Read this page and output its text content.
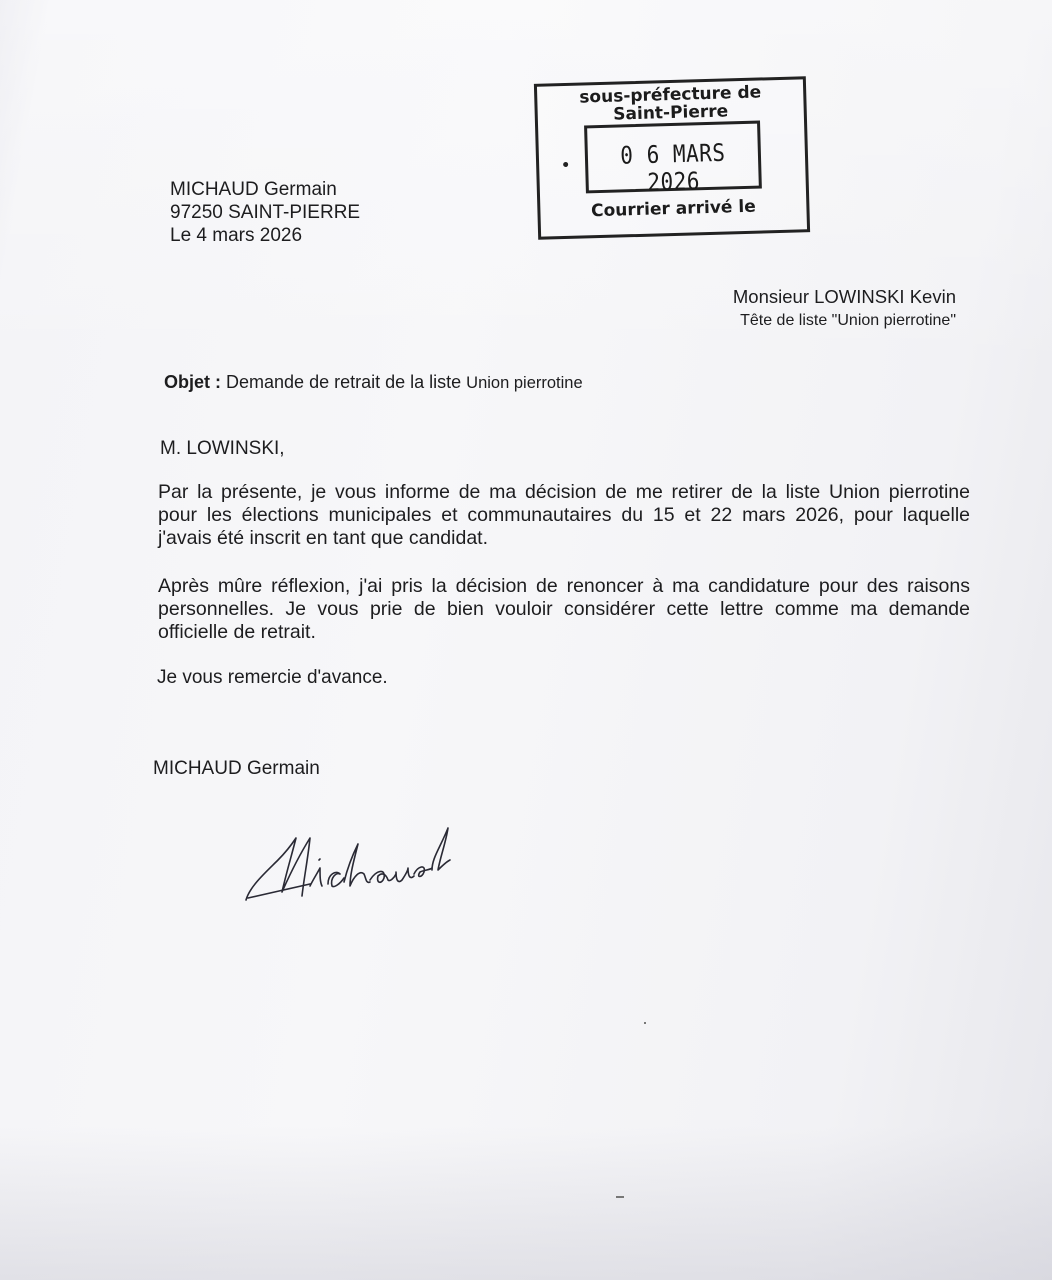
sous-préfecture de
Saint-Pierre
0 6 MARS 2026
Courrier arrivé le
MICHAUD Germain
97250 SAINT-PIERRE
Le 4 mars 2026
Monsieur LOWINSKI Kevin
Tête de liste "Union pierrotine"
Objet : Demande de retrait de la liste Union pierrotine
M. LOWINSKI,
Par la présente, je vous informe de ma décision de me retirer de la liste Union pierrotine
pour les élections municipales et communautaires du 15 et 22 mars 2026, pour laquelle
j'avais été inscrit en tant que candidat.
Après mûre réflexion, j'ai pris la décision de renoncer à ma candidature pour des raisons
personnelles. Je vous prie de bien vouloir considérer cette lettre comme ma demande
officielle de retrait.
Je vous remercie d'avance.
MICHAUD Germain
